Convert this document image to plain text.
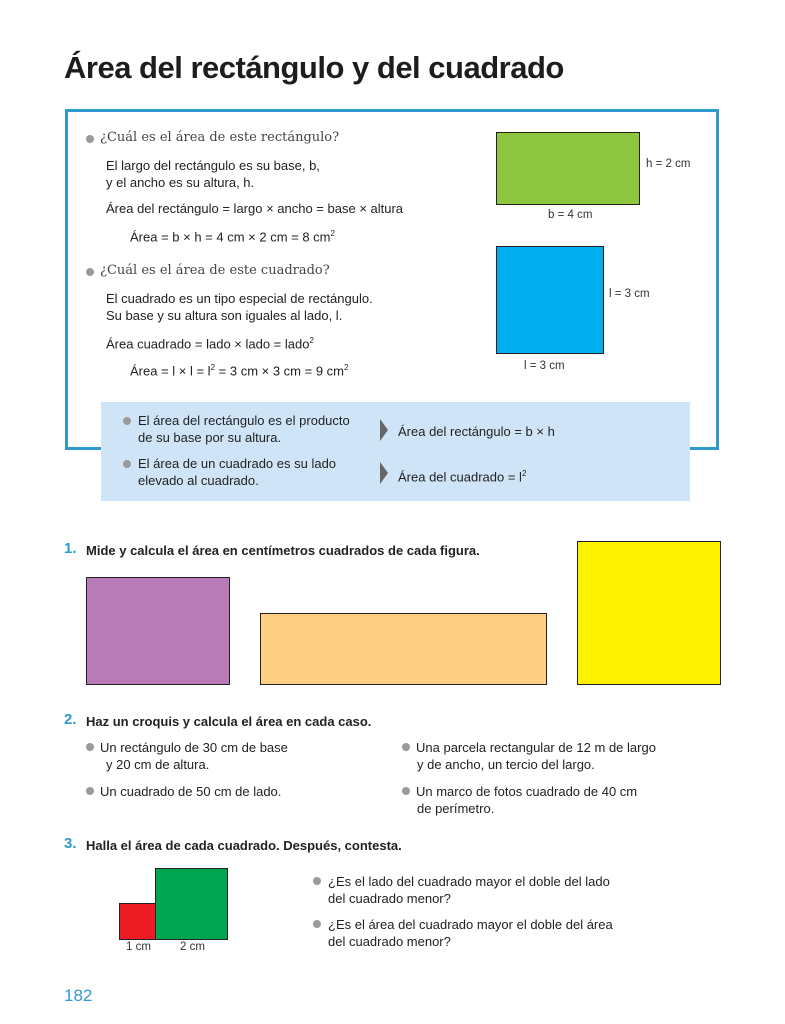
Área del rectángulo y del cuadrado
¿Cuál es el área de este rectángulo?
El largo del rectángulo es su base, b,
y el ancho es su altura, h.
Área del rectángulo = largo × ancho = base × altura
Área = b × h = 4 cm × 2 cm = 8 $cm^2$
h = 2 cm
b = 4 cm
¿Cuál es el área de este cuadrado?
El cuadrado es un tipo especial de rectángulo.
Su base y su altura son iguales al lado, l.
Área cuadrado = lado × lado = lado$^2$
Área = $l \times l = l^2 = 3$ cm × 3 cm = 9 $cm^2$
l = 3 cm
l = 3 cm
El área del rectángulo es el producto
de su base por su altura.	Área del rectángulo = b × h
El área de un cuadrado es su lado
elevado al cuadrado.	Área del cuadrado = $l^2$
1. Mide y calcula el área en centímetros cuadrados de cada figura.
2. Haz un croquis y calcula el área en cada caso.
Un rectángulo de 30 cm de base
y 20 cm de altura.
Un cuadrado de 50 cm de lado.
Una parcela rectangular de 12 m de largo
y de ancho, un tercio del largo.
Un marco de fotos cuadrado de 40 cm
de perímetro.
3. Halla el área de cada cuadrado. Después, contesta.
1 cm	2 cm
¿Es el lado del cuadrado mayor el doble del lado
del cuadrado menor?
¿Es el área del cuadrado mayor el doble del área
del cuadrado menor?
182
